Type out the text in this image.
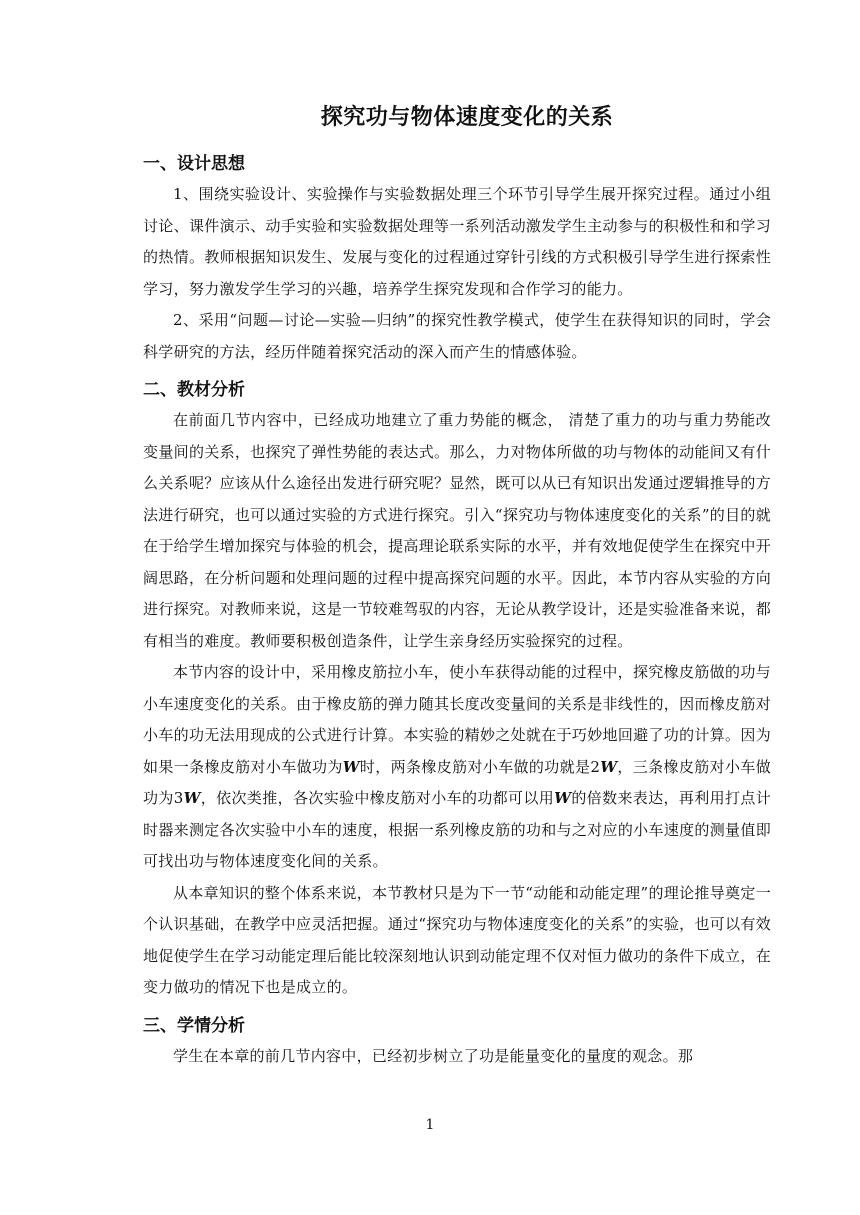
探究功与物体速度变化的关系
一、设计思想

1、围绕实验设计、实验操作与实验数据处理三个环节引导学生展开探究过程。通过小组讨论、课件演示、动手实验和实验数据处理等一系列活动激发学生主动参与的积极性和和学习的热情。教师根据知识发生、发展与变化的过程通过穿针引线的方式积极引导学生进行探索性学习，努力激发学生学习的兴趣，培养学生探究发现和合作学习的能力。

2、采用“问题—讨论—实验—归纳”的探究性教学模式，使学生在获得知识的同时，学会科学研究的方法，经历伴随着探究活动的深入而产生的情感体验。

二、教材分析

在前面几节内容中，已经成功地建立了重力势能的概念， 清楚了重力的功与重力势能改变量间的关系，也探究了弹性势能的表达式。那么，力对物体所做的功与物体的动能间又有什么关系呢？应该从什么途径出发进行研究呢？显然，既可以从已有知识出发通过逻辑推导的方法进行研究，也可以通过实验的方式进行探究。引入“探究功与物体速度变化的关系”的目的就在于给学生增加探究与体验的机会，提高理论联系实际的水平，并有效地促使学生在探究中开阔思路，在分析问题和处理问题的过程中提高探究问题的水平。因此，本节内容从实验的方向进行探究。对教师来说，这是一节较难驾驭的内容，无论从教学设计，还是实验准备来说，都有相当的难度。教师要积极创造条件，让学生亲身经历实验探究的过程。

本节内容的设计中，采用橡皮筋拉小车，使小车获得动能的过程中，探究橡皮筋做的功与小车速度变化的关系。由于橡皮筋的弹力随其长度改变量间的关系是非线性的，因而橡皮筋对小车的功无法用现成的公式进行计算。本实验的精妙之处就在于巧妙地回避了功的计算。因为如果一条橡皮筋对小车做功为W时，两条橡皮筋对小车做的功就是2W，三条橡皮筋对小车做功为3W，依次类推，各次实验中橡皮筋对小车的功都可以用W的倍数来表达，再利用打点计时器来测定各次实验中小车的速度，根据一系列橡皮筋的功和与之对应的小车速度的测量值即可找出功与物体速度变化间的关系。

从本章知识的整个体系来说，本节教材只是为下一节“动能和动能定理”的理论推导奠定一个认识基础，在教学中应灵活把握。通过“探究功与物体速度变化的关系”的实验，也可以有效地促使学生在学习动能定理后能比较深刻地认识到动能定理不仅对恒力做功的条件下成立，在变力做功的情况下也是成立的。

三、学情分析

学生在本章的前几节内容中，已经初步树立了功是能量变化的量度的观念。那

1
